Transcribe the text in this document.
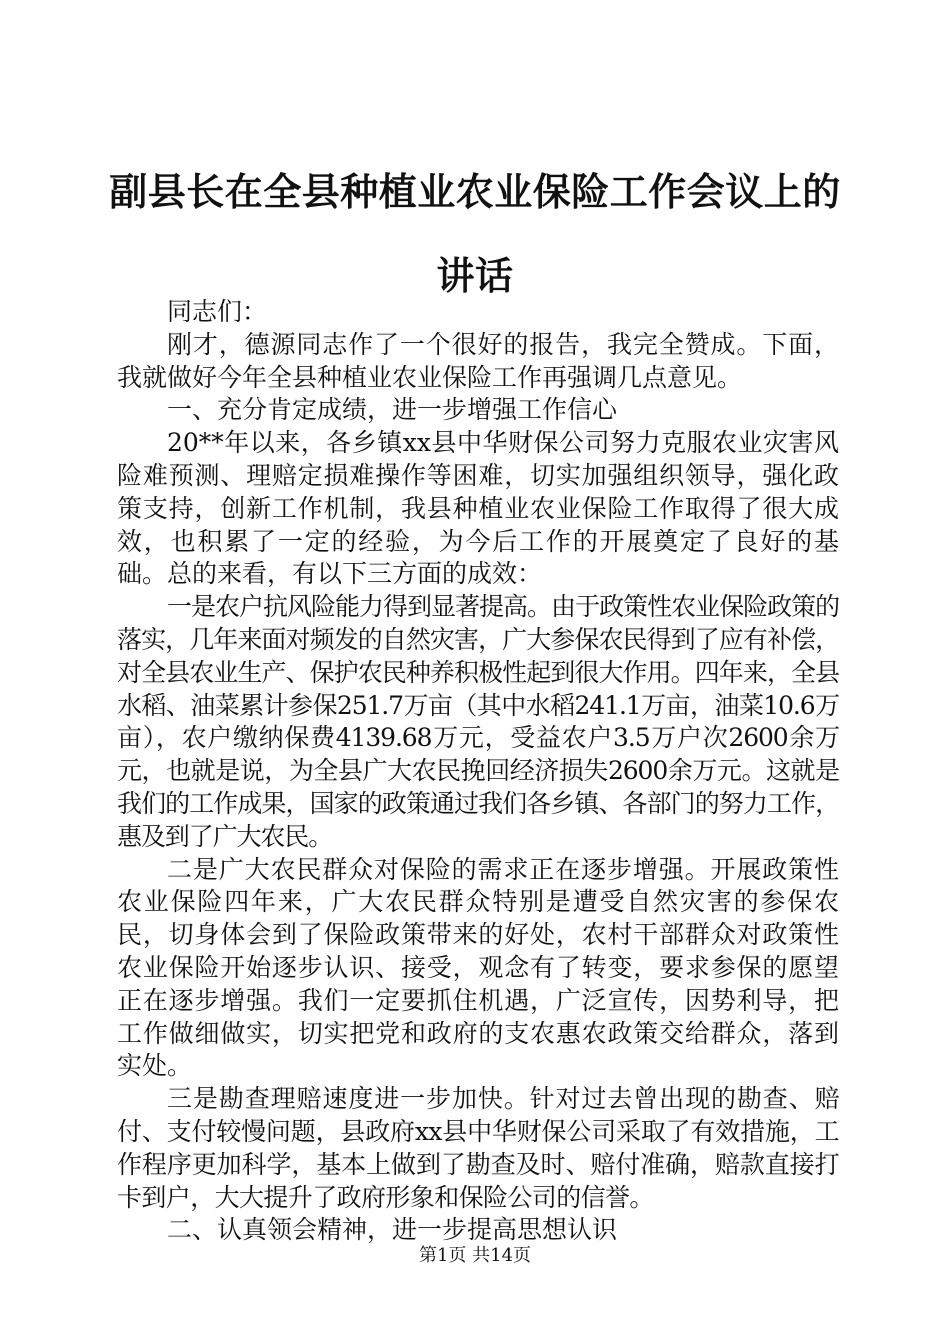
副县长在全县种植业农业保险工作会议上的讲话

同志们：

刚才，德源同志作了一个很好的报告，我完全赞成。下面，我就做好今年全县种植业农业保险工作再强调几点意见。

一、充分肯定成绩，进一步增强工作信心

20**年以来，各乡镇xx县中华财保公司努力克服农业灾害风险难预测、理赔定损难操作等困难，切实加强组织领导，强化政策支持，创新工作机制，我县种植业农业保险工作取得了很大成效，也积累了一定的经验，为今后工作的开展奠定了良好的基础。总的来看，有以下三方面的成效：

一是农户抗风险能力得到显著提高。由于政策性农业保险政策的落实，几年来面对频发的自然灾害，广大参保农民得到了应有补偿，对全县农业生产、保护农民种养积极性起到很大作用。四年来，全县水稻、油菜累计参保251.7万亩（其中水稻241.1万亩，油菜10.6万亩），农户缴纳保费4139.68万元，受益农户3.5万户次2600余万元，也就是说，为全县广大农民挽回经济损失2600余万元。这就是我们的工作成果，国家的政策通过我们各乡镇、各部门的努力工作，惠及到了广大农民。

二是广大农民群众对保险的需求正在逐步增强。开展政策性农业保险四年来，广大农民群众特别是遭受自然灾害的参保农民，切身体会到了保险政策带来的好处，农村干部群众对政策性农业保险开始逐步认识、接受，观念有了转变，要求参保的愿望正在逐步增强。我们一定要抓住机遇，广泛宣传，因势利导，把工作做细做实，切实把党和政府的支农惠农政策交给群众，落到实处。

三是勘查理赔速度进一步加快。针对过去曾出现的勘查、赔付、支付较慢问题，县政府xx县中华财保公司采取了有效措施，工作程序更加科学，基本上做到了勘查及时、赔付准确，赔款直接打卡到户，大大提升了政府形象和保险公司的信誉。

二、认真领会精神，进一步提高思想认识

第1页 共14页
